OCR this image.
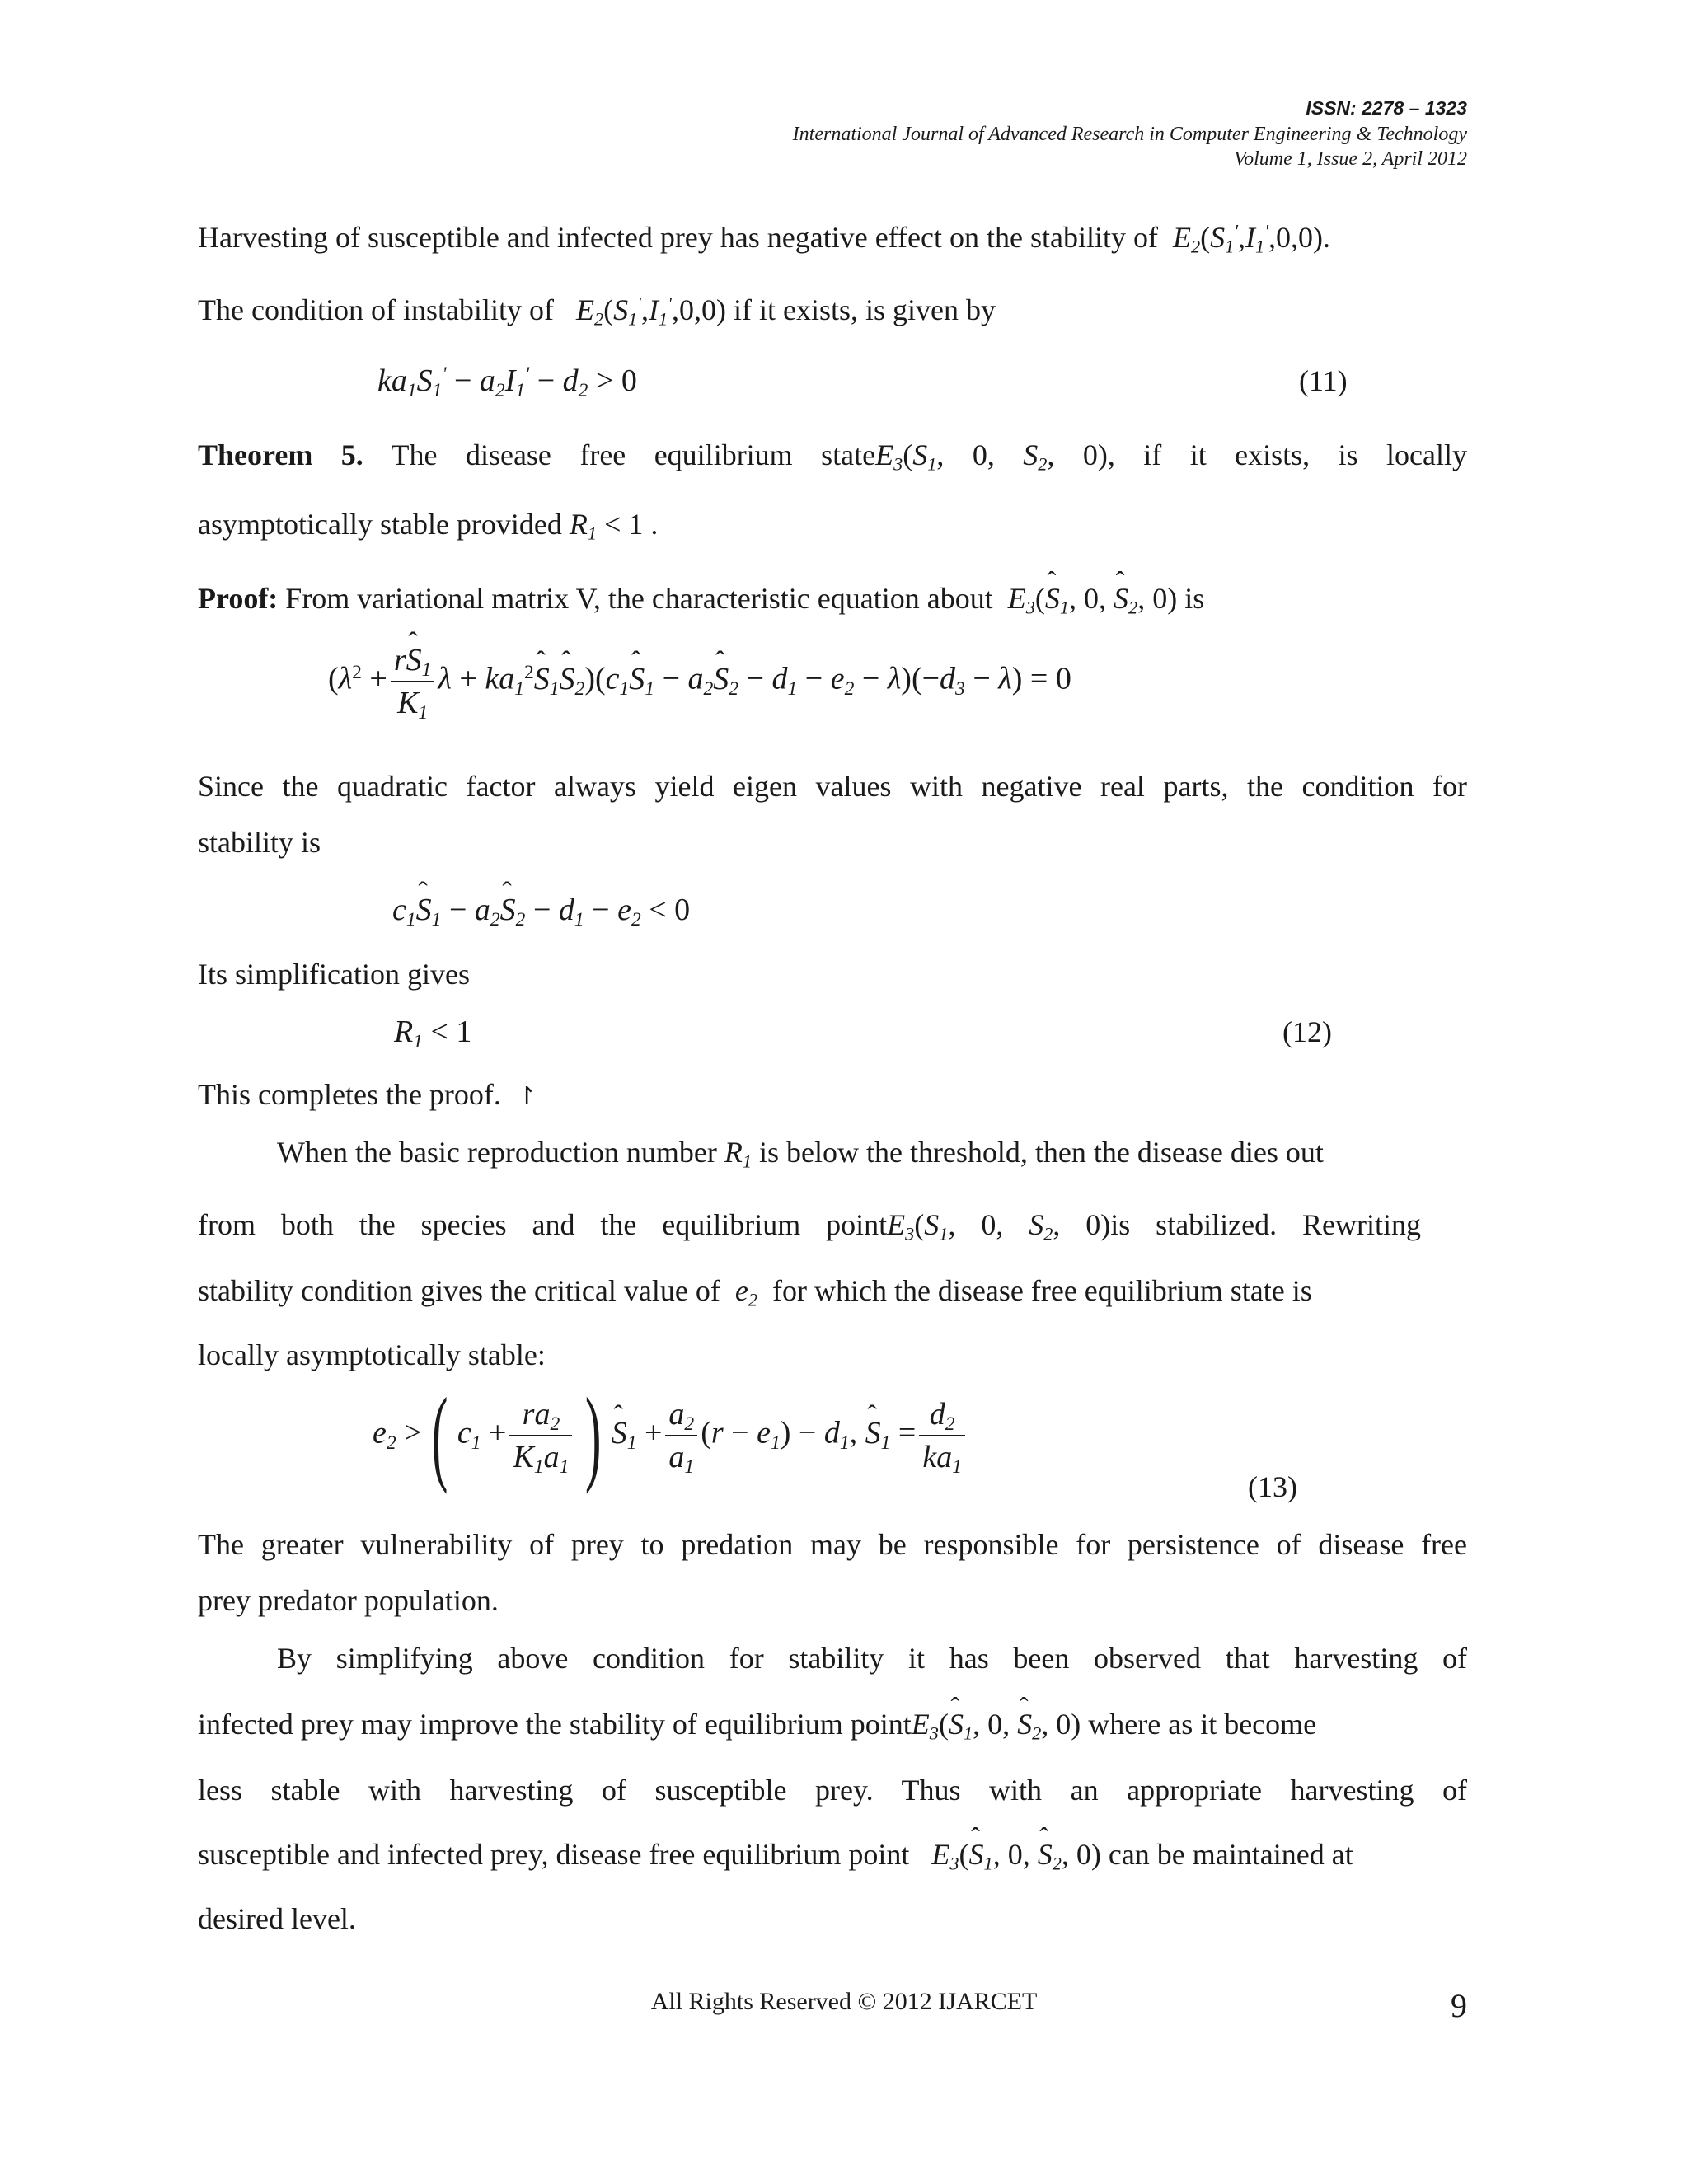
ISSN: 2278 – 1323
International Journal of Advanced Research in Computer Engineering & Technology
Volume 1, Issue 2, April 2012
Harvesting of susceptible and infected prey has negative effect on the stability of  $E_2(S_1',I_1',0,0)$.
The condition of instability of   $E_2(S_1',I_1',0,0)$ if it exists, is given by
$ka_1S_1' - a_2I_1' - d_2 > 0$	(11)
Theorem 5. The disease free equilibrium stateE$_3$(S ˆ$_1$, 0, S ˆ$_2$, 0), if it exists, is locally
asymptotically stable provided $R_1 < 1$ .
Proof: From variational matrix V, the characteristic equation about  $E_3(S$ ˆ$_1$, 0, S ˆ$_2$, 0) is
($\lambda^2 + \frac{rS ˆ_1}{K_1}$ $\lambda + ka_1^2S$ ˆ$_1$S $ˆ_2)(c_1S$ ˆ$_1$ − $a_2S$ ˆ$_2$ − $d_1 - e_2 - \lambda)(-d_3 - \lambda) = 0$
Since the quadratic factor always yield eigen values with negative real parts, the condition for
stability is
$c_1S$ ˆ$_1$ − $a_2S$ ˆ$_2$ − $d_1 - e_2 < 0$
Its simplification gives
$R_1 < 1$	(12)
This completes the proof.  ↾
When the basic reproduction number $R_1$ is below the threshold, then the disease dies out
from both the species and the equilibrium pointE$_3$(S ˆ$_1$, 0, S ˆ$_2$, 0)is stabilized. Rewriting
stability condition gives the critical value of  $e_2$ for which the disease free equilibrium state is
locally asymptotically stable:
$e_2$ >( $c_1 + \frac{ra_2}{K_1a_1}$ ) S ˆ$_1$ + $\frac{a_2}{a_1} (r - e_1) - d_1$, S ˆ$_1$ = $\frac{d_2}{ka_1}$
(13)
The greater vulnerability of prey to predation may be responsible for persistence of disease free
prey predator population.
By simplifying above condition for stability it has been observed that harvesting of
infected prey may improve the stability of equilibrium pointE$_3$(S ˆ$_1$, 0, S ˆ$_2$, 0) where as it become
less stable with harvesting of susceptible prey. Thus with an appropriate harvesting of
susceptible and infected prey, disease free equilibrium point   $E_3(S$ ˆ$_1$, 0, S ˆ$_2$, 0) can be maintained at
desired level.
All Rights Reserved © 2012 IJARCET	9
